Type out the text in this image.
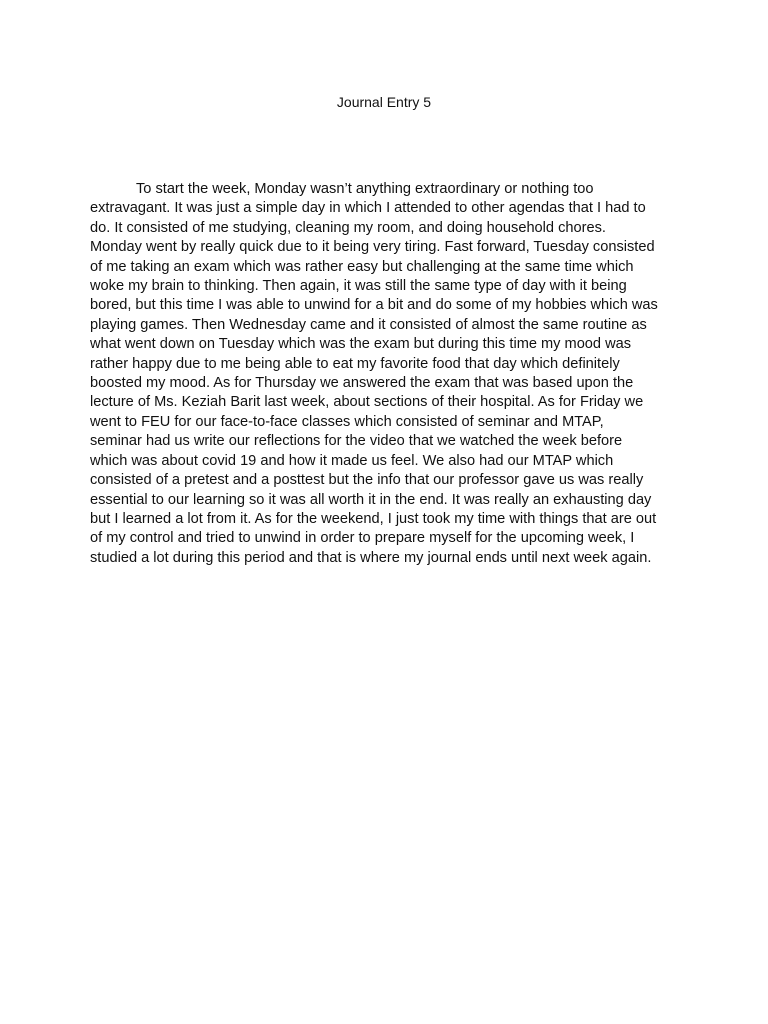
Journal Entry 5

To start the week, Monday wasn’t anything extraordinary or nothing too
extravagant. It was just a simple day in which I attended to other agendas that I had to
do. It consisted of me studying, cleaning my room, and doing household chores.
Monday went by really quick due to it being very tiring. Fast forward, Tuesday consisted
of me taking an exam which was rather easy but challenging at the same time which
woke my brain to thinking. Then again, it was still the same type of day with it being
bored, but this time I was able to unwind for a bit and do some of my hobbies which was
playing games. Then Wednesday came and it consisted of almost the same routine as
what went down on Tuesday which was the exam but during this time my mood was
rather happy due to me being able to eat my favorite food that day which definitely
boosted my mood. As for Thursday we answered the exam that was based upon the
lecture of Ms. Keziah Barit last week, about sections of their hospital. As for Friday we
went to FEU for our face-to-face classes which consisted of seminar and MTAP,
seminar had us write our reflections for the video that we watched the week before
which was about covid 19 and how it made us feel. We also had our MTAP which
consisted of a pretest and a posttest but the info that our professor gave us was really
essential to our learning so it was all worth it in the end. It was really an exhausting day
but I learned a lot from it. As for the weekend, I just took my time with things that are out
of my control and tried to unwind in order to prepare myself for the upcoming week, I
studied a lot during this period and that is where my journal ends until next week again.
